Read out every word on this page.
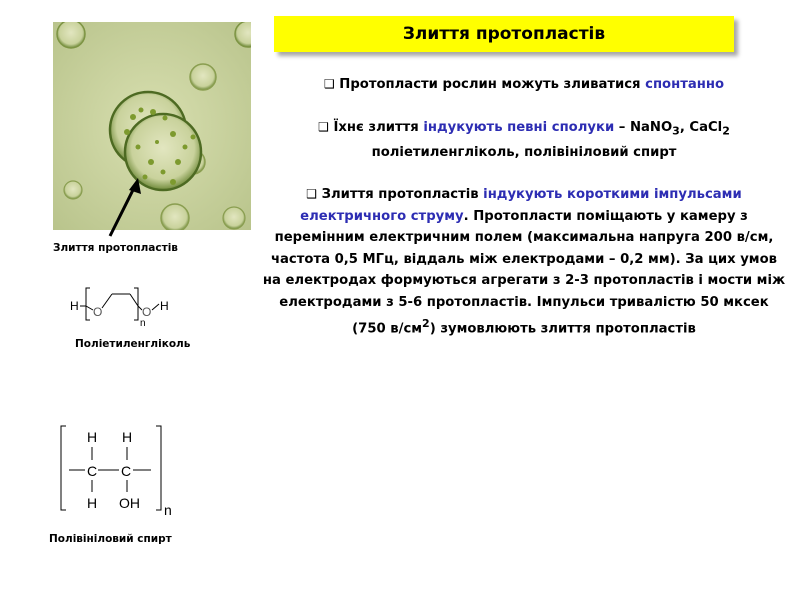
Злиття протопластів
Злиття протопластів

❑ Протопласти рослин можуть зливатися спонтанно

❑ Їхнє злиття індукують певні сполуки – NaNO$_3$, CaCl$_2$
поліетиленгліколь, полівініловий спирт

❑ Злиття протопластів індукують короткими імпульсами електричного струму. Протопласти поміщають у камеру з перемінним електричним полем (максимальна напруга 200 в/см, частота 0,5 МГц, віддаль між електродами – 0,2 мм). За цих умов на електродах формуються агрегати з 2-3 протопластів і мости між електродами з 5-6 протопластів. Імпульси тривалістю 50 мксек (750 $в/см^2$) зумовлюють злиття протопластів

H O
n
O H
Поліетиленгліколь
H H
C C
H OH n
Полівініловий спирт
